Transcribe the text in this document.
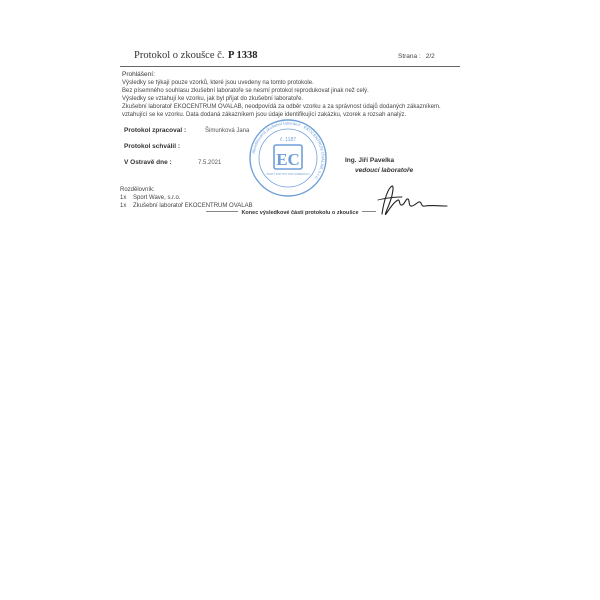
Protokol o zkoušce č. P 1338	Strana : 2/2
Prohlášení:
Výsledky se týkají pouze vzorků, které jsou uvedeny na tomto protokole.
Bez písemného souhlasu zkušební laboratoře se nesmí protokol reprodukovat jinak než celý.
Výsledky se vztahují ke vzorku, jak byl přijat do zkušební laboratoře.
Zkušební laboratoř EKOCENTRUM OVALAB, neodpovídá za odběr vzorku a za správnost údajů dodaných zákazníkem.
vztahující se ke vzorku. Data dodaná zákazníkem jsou údaje identifikující zakázku, vzorek a rozsah analýz.
Protokol zpracoval :	Šimunková Jana
Protokol schválil :
V Ostravě dne :	7.5.2021
Akreditovaná zkušební laboratoř · EKOCENTRUM OVALAB, s.r.o.
č. 1187
EC
ČESKÝ INSTITUT PRO AKREDITACI
Ing. Jiří Pavelka
vedoucí laboratoře
Rozdělovník:
1x Sport Wave, s.r.o.
1x Zkušební laboratoř EKOCENTRUM OVALAB
Konec výsledkové části protokolu o zkoušce
